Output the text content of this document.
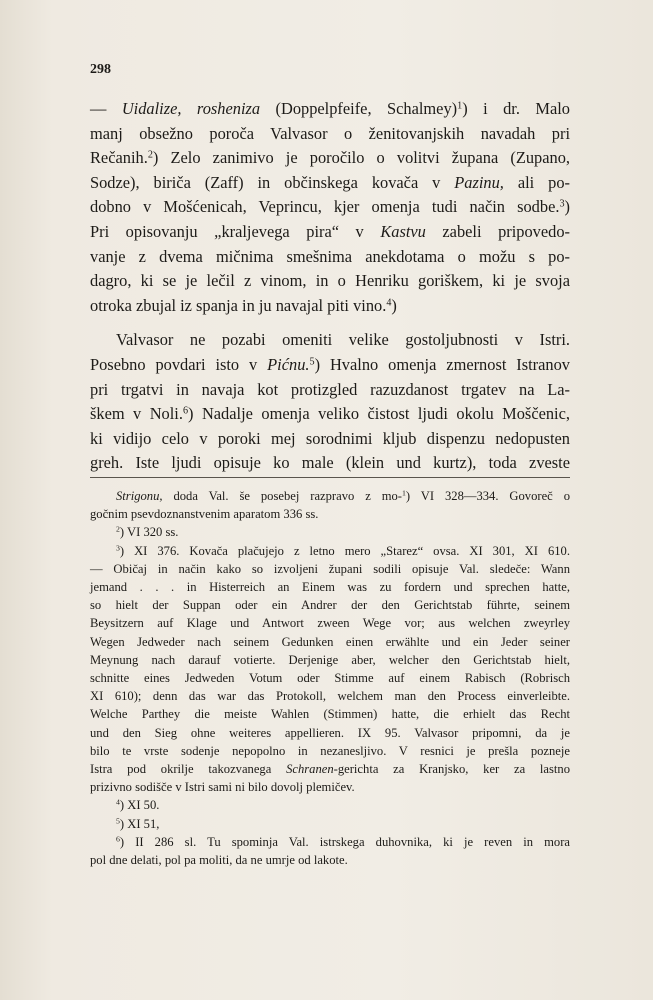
298
— Uidalize, rosheniza (Doppelpfeife, Schalmey)$^1$) i dr. Malo
manj obsežno poroča Valvasor o ženitovanjskih navadah pri
Rečanih.$^2$) Zelo zanimivo je poročilo o volitvi župana (Zupano,
Sodze), biriča (Zaff) in občinskega kovača v Pazinu, ali po-
dobno v Mošćenicah, Veprincu, kjer omenja tudi način sodbe.$^3$)
Pri opisovanju „kraljevega pira“ v Kastvu zabeli pripovedo-
vanje z dvema mičnima smešnima anekdotama o možu s po-
dagro, ki se je lečil z vinom, in o Henriku goriškem, ki je svoja
otroka zbujal iz spanja in ju navajal piti vino.$^4$)
Valvasor ne pozabi omeniti velike gostoljubnosti v Istri.
Posebno povdari isto v Pićnu.$^5$) Hvalno omenja zmernost Istranov
pri trgatvi in navaja kot protizgled razuzdanost trgatev na La-
škem v Noli.$^6$) Nadalje omenja veliko čistost ljudi okolu Moščenic,
ki vidijo celo v poroki mej sorodnimi kljub dispenzu nedopusten
greh. Iste ljudi opisuje ko male (klein und kurtz), toda zveste
Strigonu, doda Val. še posebej razpravo z mo-$^1$) VI 328—334. Govoreč o
gočnim psevdoznanstvenim aparatom 336 ss.
$^2$) VI 320 ss.
$^3$) XI 376. Kovača plačujejo z letno mero „Starez“ ovsa. XI 301, XI 610.
— Običaj in način kako so izvoljeni župani sodili opisuje Val. sledeče: Wann
jemand . . . in Histerreich an Einem was zu fordern und sprechen hatte,
so hielt der Suppan oder ein Andrer der den Gerichtstab führte, seinem
Beysitzern auf Klage und Antwort zween Wege vor; aus welchen zweyrley
Wegen Jedweder nach seinem Gedunken einen erwählte und ein Jeder seiner
Meynung nach darauf votierte. Derjenige aber, welcher den Gerichtstab hielt,
schnitte eines Jedweden Votum oder Stimme auf einem Rabisch (Robrisch
XI 610); denn das war das Protokoll, welchem man den Process einverleibte.
Welche Parthey die meiste Wahlen (Stimmen) hatte, die erhielt das Recht
und den Sieg ohne weiteres appellieren. IX 95. Valvasor pripomni, da je
bilo te vrste sodenje nepopolno in nezanesljivo. V resnici je prešla pozneje
Istra pod okrilje takozvanega Schranen-gerichta za Kranjsko, ker za lastno
prizivno sodišče v Istri sami ni bilo dovolj plemičev.
$^4$) XI 50.
$^5$) XI 51,
$^6$) II 286 sl. Tu spominja Val. istrskega duhovnika, ki je reven in mora
pol dne delati, pol pa moliti, da ne umrje od lakote.
